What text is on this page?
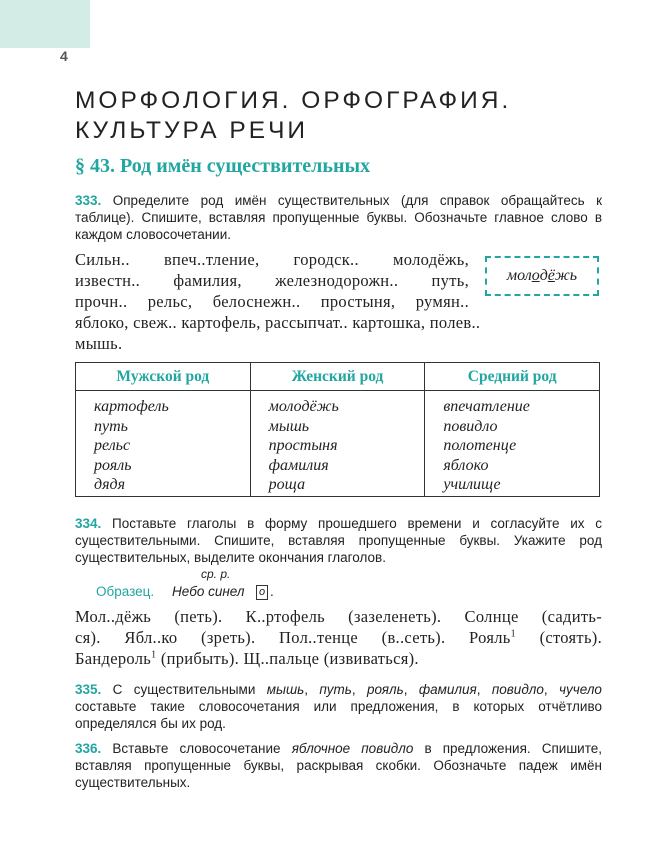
4
МОРФОЛОГИЯ. ОРФОГРАФИЯ.
КУЛЬТУРА РЕЧИ
§ 43. Род имён существительных

333. Определите род имён существительных (для справок обращайтесь к таблице). Спишите, вставляя пропущенные буквы. Обозначьте главное слово в каждом словосочетании.

Сильн.. впеч..тление, городск.. молодёжь,
известн.. фамилия, железнодорожн.. путь,
прочн.. рельс, белоснежн.. простыня, румян..
яблоко, свеж.. картофель, рассыпчат.. картошка, полев..
мышь.
мол о д ё жь
Мужской род
картофель
путь
рельс
рояль
дядя
Женский род
молодёжь
мышь
простыня
фамилия
роща
Средний род
впечатление
повидло
полотенце
яблоко
училище

334. Поставьте глаголы в форму прошедшего времени и согласуйте их с существительными. Спишите, вставляя пропущенные буквы. Укажите род существительных, выделите окончания глаголов.

Образец.
ср. р.
Небо синел о .
Мол..дёжь (петь). К..ртофель (зазеленеть). Солнце (садить-
ся). Ябл..ко (зреть). Пол..тенце (в..сеть). Рояль$^1$ (стоять).
Бандероль$^1$ (прибыть). Щ..пальце (извиваться).

335. С существительными мышь, путь, рояль, фамилия, повидло, чучело составьте такие словосочетания или предложения, в которых отчётливо определялся бы их род.

336. Вставьте словосочетание яблочное повидло в предложения. Спишите, вставляя пропущенные буквы, раскрывая скобки. Обозначьте падеж имён существительных.
